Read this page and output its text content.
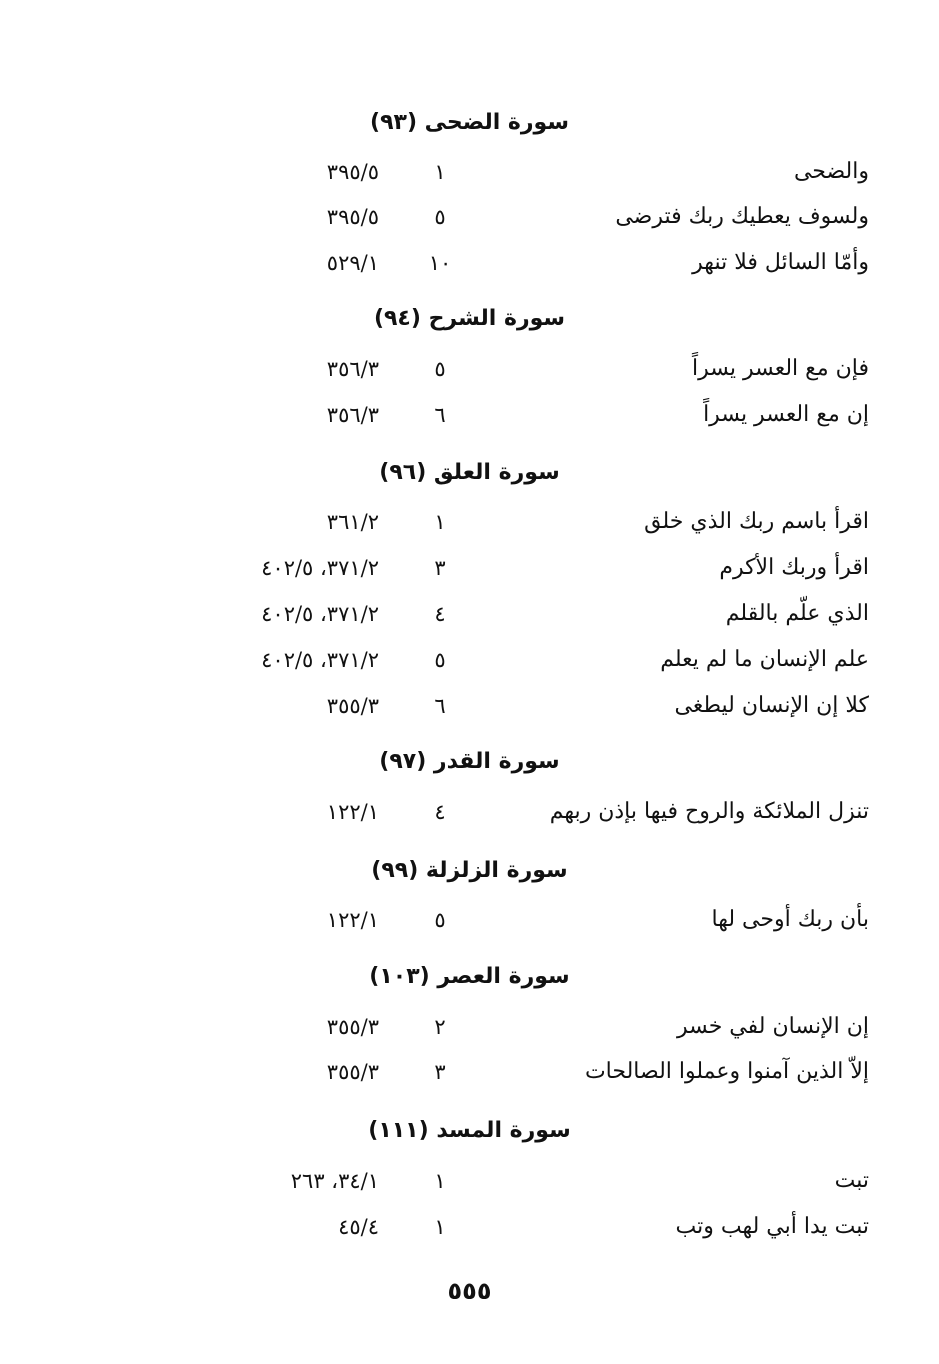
سورة الضحى (٩٣)
والضحى
١
٣٩٥/٥
ولسوف يعطيك ربك فترضى
٥
٣٩٥/٥
وأمّا السائل فلا تنهر
١٠
٥٢٩/١
سورة الشرح (٩٤)
فإن مع العسر يسراً
٥
٣٥٦/٣
إن مع العسر يسراً
٦
٣٥٦/٣
سورة العلق (٩٦)
اقرأ باسم ربك الذي خلق
١
٣٦١/٢
اقرأ وربك الأكرم
٣
٣٧١/٢، ٤٠٢/٥
الذي علّم بالقلم
٤
٣٧١/٢، ٤٠٢/٥
علم الإنسان ما لم يعلم
٥
٣٧١/٢، ٤٠٢/٥
كلا إن الإنسان ليطغى
٦
٣٥٥/٣
سورة القدر (٩٧)
تنزل الملائكة والروح فيها بإذن ربهم
٤
١٢٢/١
سورة الزلزلة (٩٩)
بأن ربك أوحى لها
٥
١٢٢/١
سورة العصر (١٠٣)
إن الإنسان لفي خسر
٢
٣٥٥/٣
إلاّ الذين آمنوا وعملوا الصالحات
٣
٣٥٥/٣
سورة المسد (١١١)
تبت
١
٣٤/١، ٢٦٣
تبت يدا أبي لهب وتب
١
٤٥/٤
٥٥٥
